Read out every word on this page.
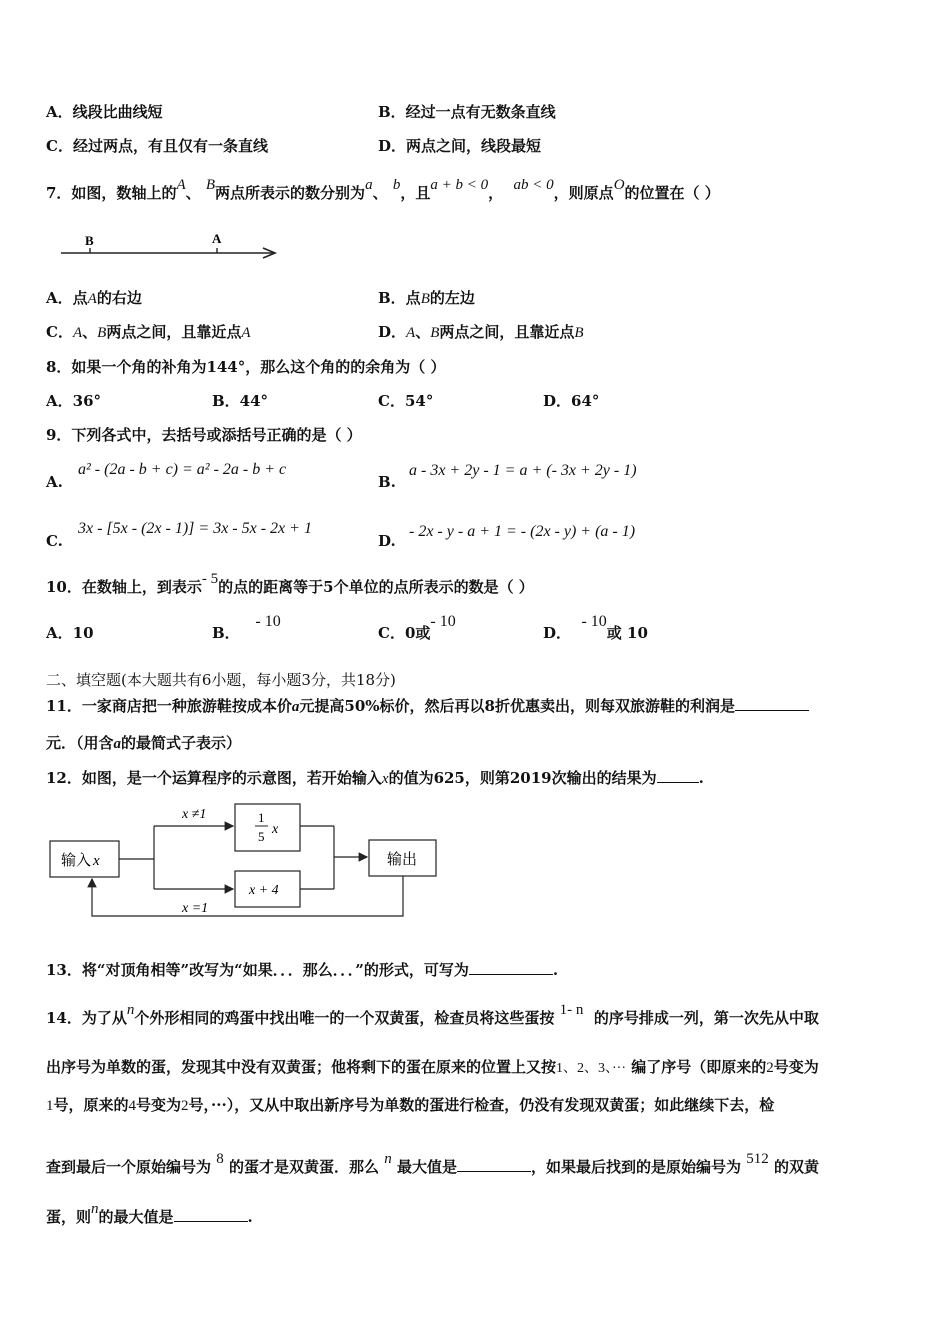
A．线段比曲线短	B．经过一点有无数条直线
C．经过两点，有且仅有一条直线	D．两点之间，线段最短
7．如图，数轴上的A、 B两点所表示的数分别为a、 b，且a + b < 0， ab < 0，则原点O的位置在（ ）
B	A
A．点A的右边	B．点B的左边
C．A、B两点之间，且靠近点A	D．A、B两点之间，且靠近点B
8．如果一个角的补角为144°，那么这个角的的余角为（ ）
A．36°	B．44°	C．54°	D．64°
9．下列各式中，去括号或添括号正确的是（ ）
A.
a² - (2a - b + c) = a² - 2a - b + c
B.
a - 3x + 2y - 1 = a + (- 3x + 2y - 1)
C.
3x - [5x - (2x - 1)] = 3x - 5x - 2x + 1
D.
- 2x - y - a + 1 = - (2x - y) + (a - 1)
10．在数轴上，到表示- 5的点的距离等于5个单位的点所表示的数是（ ）
A．10	B．   - 10
C．0或- 10
D．  - 10或 10
二、填空题(本大题共有6小题，每小题3分，共18分)
11．一家商店把一种旅游鞋按成本价a元提高50%标价，然后再以8折优惠卖出，则每双旅游鞋的利润是
元．（用含a的最简式子表示）
12．如图，是一个运算程序的示意图，若开始输入x的值为625，则第2019次输出的结果为	.
输入 x
x ≠1
x =1
1
5 x
x + 4
输出
13．将“对顶角相等”改写为“如果．．．那么．．．”的形式，可写为	.
14．为了从n个外形相同的鸡蛋中找出唯一的一个双黄蛋，检查员将这些蛋按 1- n 的序号排成一列，第一次先从中取
出序号为单数的蛋，发现其中没有双黄蛋；他将剩下的蛋在原来的位置上又按1、2、3、··· 编了序号（即原来的2号变为
1号，原来的4号变为2号，···），又从中取出新序号为单数的蛋进行检查，仍没有发现双黄蛋；如此继续下去，检
查到最后一个原始编号为 8 的蛋才是双黄蛋．那么 n 最大值是	，如果最后找到的是原始编号为 512 的双黄
蛋，则n的最大值是	.
